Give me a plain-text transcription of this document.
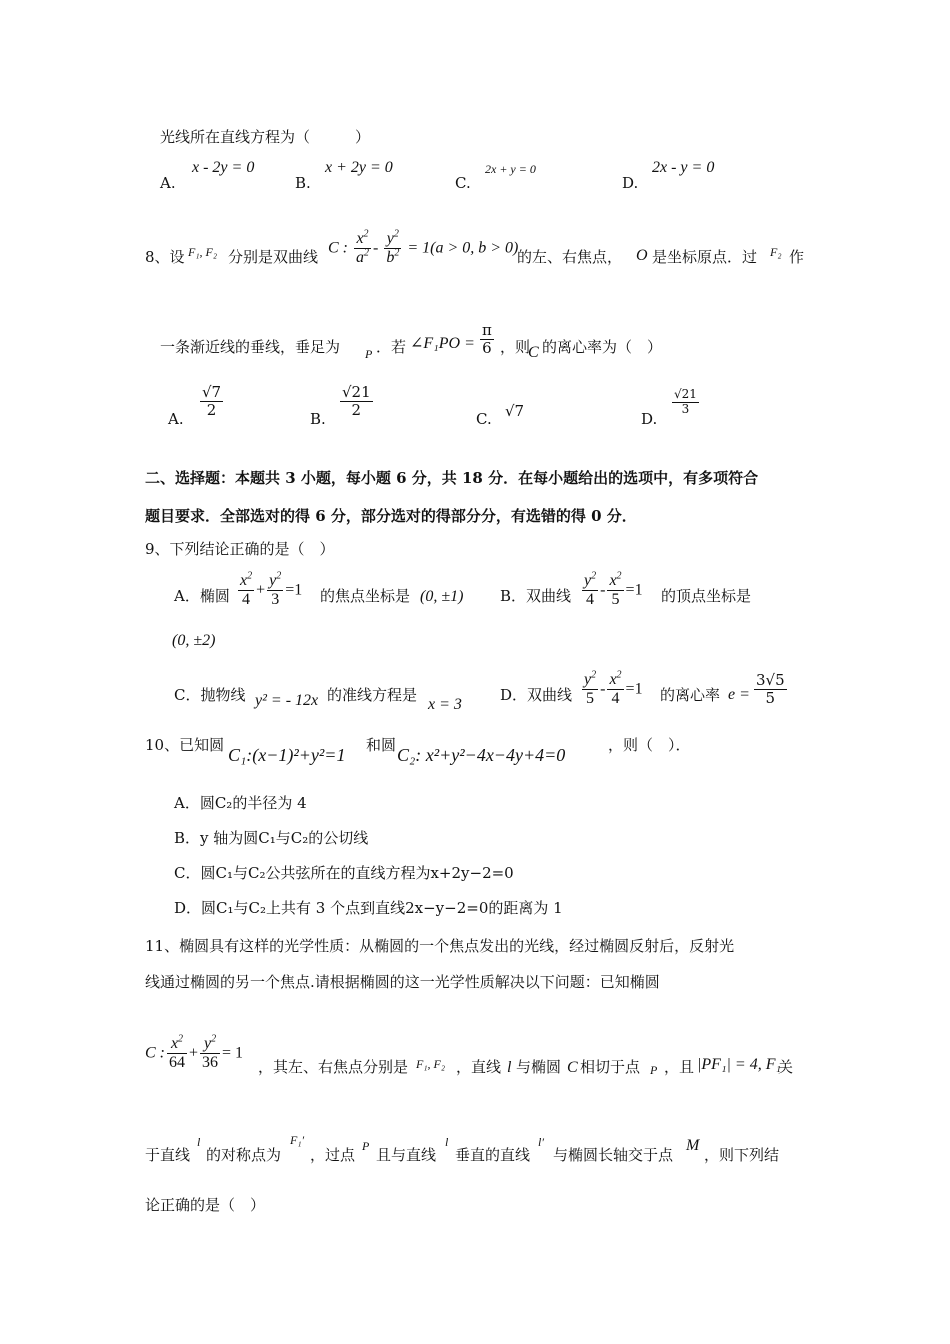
光线所在直线方程为（　　　）
A.
x - 2y = 0
B.
x + 2y = 0
C.
2x + y = 0
D.
2x - y = 0
8、设 F₁, F₂ 分别是双曲线 C : $\frac{x^2}{a^2} - \frac{y^2}{b^2} = 1(a > 0$, b > 0)
的左、右焦点， O 是坐标原点．过 F₂ 作
一条渐近线的垂线，垂足为 P ．若 ∠F₁PO = $\frac{\pi}{6}$ ，则
C 的离心率为（　）
A. $\frac{√7}{2}$	B. $\frac{√21}{2}$	C. √7	D.
$\frac{√21}{3}$
二、选择题：本题共 3 小题，每小题 6 分，共 18 分．在每小题给出的选项中，有多项符合
题目要求．全部选对的得 6 分，部分选对的得部分分，有选错的得 0 分．
9、下列结论正确的是（　）
A．椭圆 $\frac{x^2}{4} + \frac{y^2}{3} =1$ 的焦点坐标是 (0, ±1) B．双曲线 $\frac{y^2}{4} - \frac{x^2}{5} =1$ 的顶点坐标是
(0, ±2)
C．抛物线 y² = - 12x 的准线方程是
x = 3
D．双曲线 $\frac{y^2}{5} - \frac{x^2}{4} =1$ 的离心率 $e = \frac{3√5}{5}$
10、已知圆 C₁:(x−1)²+y²=1 和圆 C₂: x²+y²−4x−4y+4=0	，则（　）．
A．圆C₂的半径为 4
B．y 轴为圆C₁与C₂的公切线
C．圆C₁与C₂公共弦所在的直线方程为x+2y−2=0
D．圆C₁与C₂上共有 3 个点到直线2x−y−2=0的距离为 1
11、椭圆具有这样的光学性质：从椭圆的一个焦点发出的光线，经过椭圆反射后，反射光
线通过椭圆的另一个焦点.请根据椭圆的这一光学性质解决以下问题：已知椭圆
C : $\frac{x^2}{64} + \frac{y^2}{36} = 1$
，其左、右焦点分别是 F₁, F₂ ，直线 l 与椭圆 C 相切于点 P ，且 |PF₁| = 4, F₁
关
于直线
l
的对称点为
F₁′
，过点 P 且与直线
l
垂直的直线
l′
与椭圆长轴交于点
M
，则下列结
论正确的是（　）
